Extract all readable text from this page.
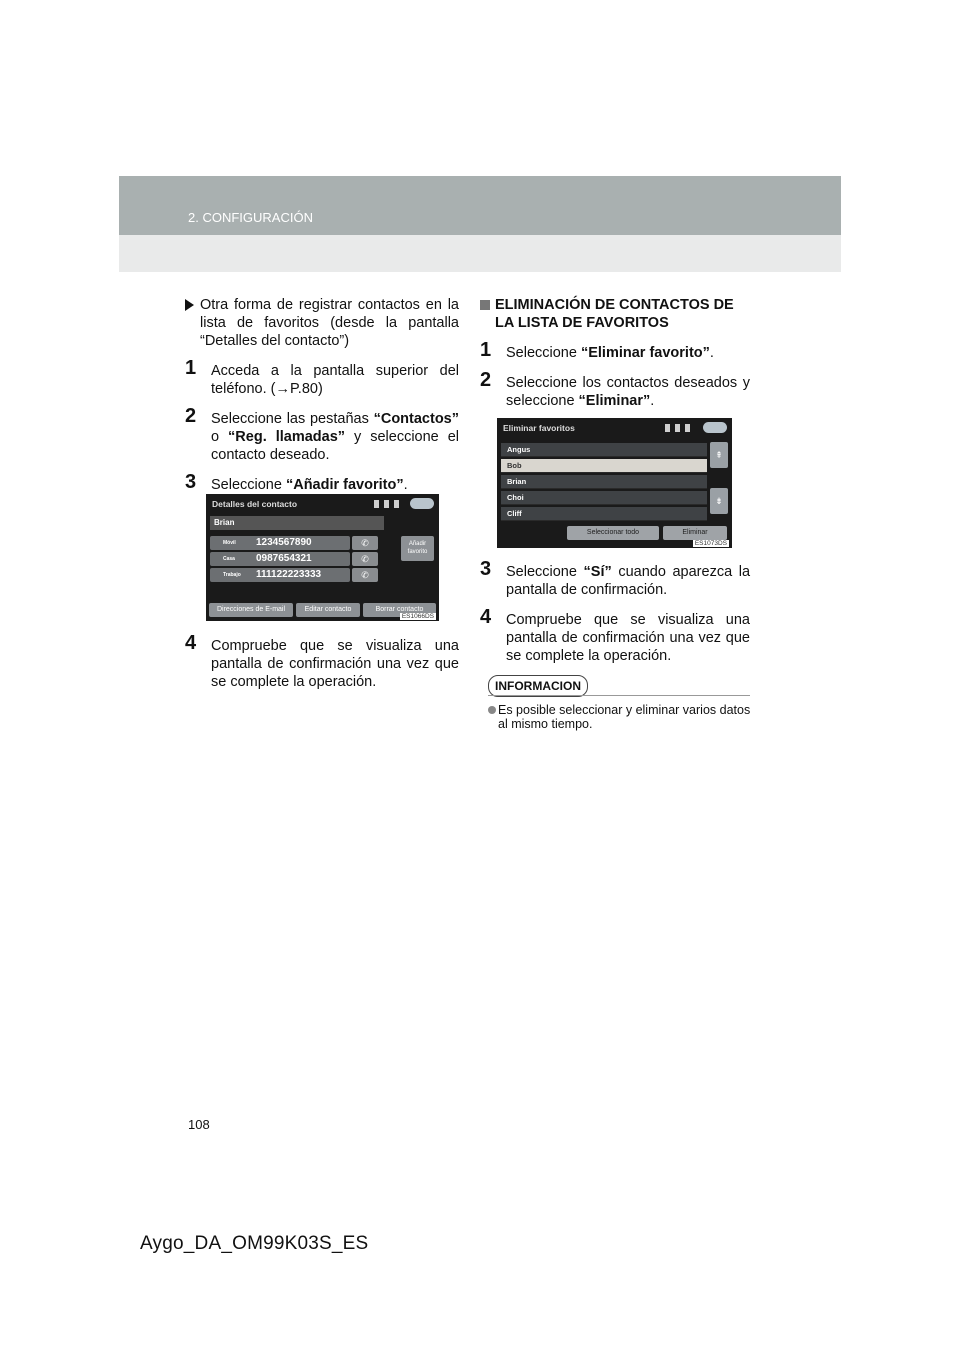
2. CONFIGURACIÓN
Otra forma de registrar contactos en la lista de favoritos (desde la pantalla “Detalles del contacto”)
1 Acceda a la pantalla superior del teléfono. (→P.80)
2 Seleccione las pestañas “Contactos” o “Reg. llamadas” y seleccione el contacto deseado.
3 Seleccione “Añadir favorito”.
4 Compruebe que se visualiza una pantalla de confirmación una vez que se complete la operación.
Detalles del contacto
Brian
Móvil 1234567890	✆
Casa 0987654321	✆
Trabajo 111122223333	✆
Añadir
favorito
Direcciones de E-mail	Editar contacto	Borrar contacto
ES1066DS
ELIMINACIÓN DE CONTACTOS DE LA LISTA DE FAVORITOS
1 Seleccione “Eliminar favorito”.
2 Seleccione los contactos deseados y seleccione “Eliminar”.
3 Seleccione “Sí” cuando aparezca la pantalla de confirmación.
4 Compruebe que se visualiza una pantalla de confirmación una vez que se complete la operación.
Eliminar favoritos
Angus
Bob
Brian
Choi
Cliff
⇞
⇟
Seleccionar todo	Eliminar
ES1073DS
INFORMACION
Es posible seleccionar y eliminar varios datos al mismo tiempo.
108
Aygo_DA_OM99K03S_ES
